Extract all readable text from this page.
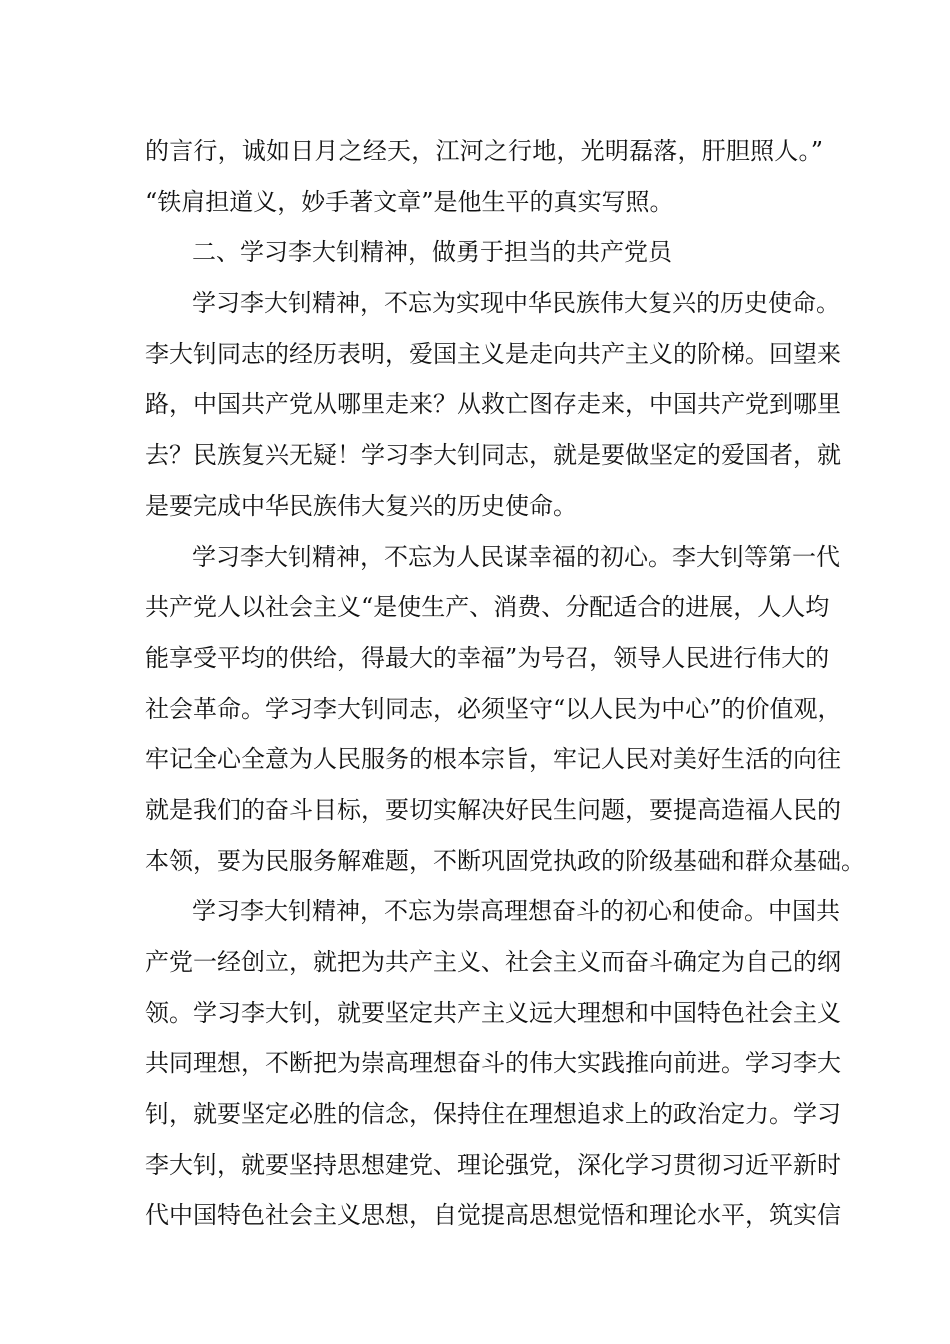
的言行，诚如日月之经天，江河之行地，光明磊落，肝胆照人。”
“铁肩担道义，妙手著文章”是他生平的真实写照。
二、学习李大钊精神，做勇于担当的共产党员
学习李大钊精神，不忘为实现中华民族伟大复兴的历史使命。
李大钊同志的经历表明，爱国主义是走向共产主义的阶梯。回望来
路，中国共产党从哪里走来？从救亡图存走来，中国共产党到哪里
去？民族复兴无疑！学习李大钊同志，就是要做坚定的爱国者，就
是要完成中华民族伟大复兴的历史使命。
学习李大钊精神，不忘为人民谋幸福的初心。李大钊等第一代
共产党人以社会主义“是使生产、消费、分配适合的进展，人人均
能享受平均的供给，得最大的幸福”为号召，领导人民进行伟大的
社会革命。学习李大钊同志，必须坚守“以人民为中心”的价值观，
牢记全心全意为人民服务的根本宗旨，牢记人民对美好生活的向往
就是我们的奋斗目标，要切实解决好民生问题，要提高造福人民的
本领，要为民服务解难题，不断巩固党执政的阶级基础和群众基础。
学习李大钊精神，不忘为崇高理想奋斗的初心和使命。中国共
产党一经创立，就把为共产主义、社会主义而奋斗确定为自己的纲
领。学习李大钊，就要坚定共产主义远大理想和中国特色社会主义
共同理想，不断把为崇高理想奋斗的伟大实践推向前进。学习李大
钊，就要坚定必胜的信念，保持住在理想追求上的政治定力。学习
李大钊，就要坚持思想建党、理论强党，深化学习贯彻习近平新时
代中国特色社会主义思想，自觉提高思想觉悟和理论水平，筑实信
